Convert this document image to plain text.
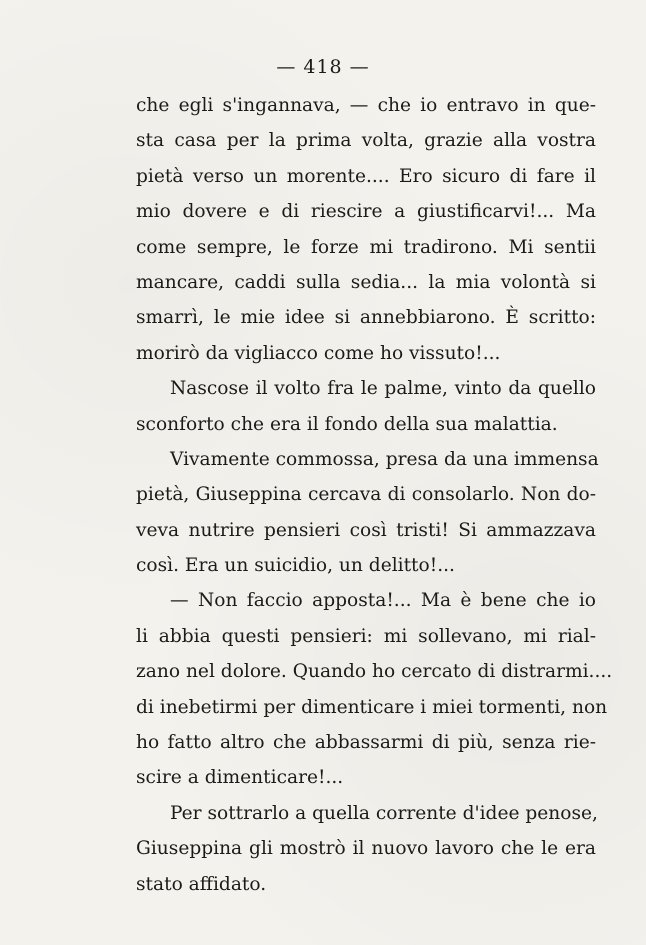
— 418 —
che egli s'ingannava, — che io entravo in que-
sta casa per la prima volta, grazie alla vostra
pietà verso un morente.... Ero sicuro di fare il
mio dovere e di riescire a giustificarvi!... Ma
come sempre, le forze mi tradirono. Mi sentii
mancare, caddi sulla sedia... la mia volontà si
smarrì, le mie idee si annebbiarono. È scritto:
morirò da vigliacco come ho vissuto!...
Nascose il volto fra le palme, vinto da quello
sconforto che era il fondo della sua malattia.
Vivamente commossa, presa da una immensa
pietà, Giuseppina cercava di consolarlo. Non do-
veva nutrire pensieri così tristi! Si ammazzava
così. Era un suicidio, un delitto!...
— Non faccio apposta!... Ma è bene che io
li abbia questi pensieri: mi sollevano, mi rial-
zano nel dolore. Quando ho cercato di distrarmi....
di inebetirmi per dimenticare i miei tormenti, non
ho fatto altro che abbassarmi di più, senza rie-
scire a dimenticare!...
Per sottrarlo a quella corrente d'idee penose,
Giuseppina gli mostrò il nuovo lavoro che le era
stato affidato.
